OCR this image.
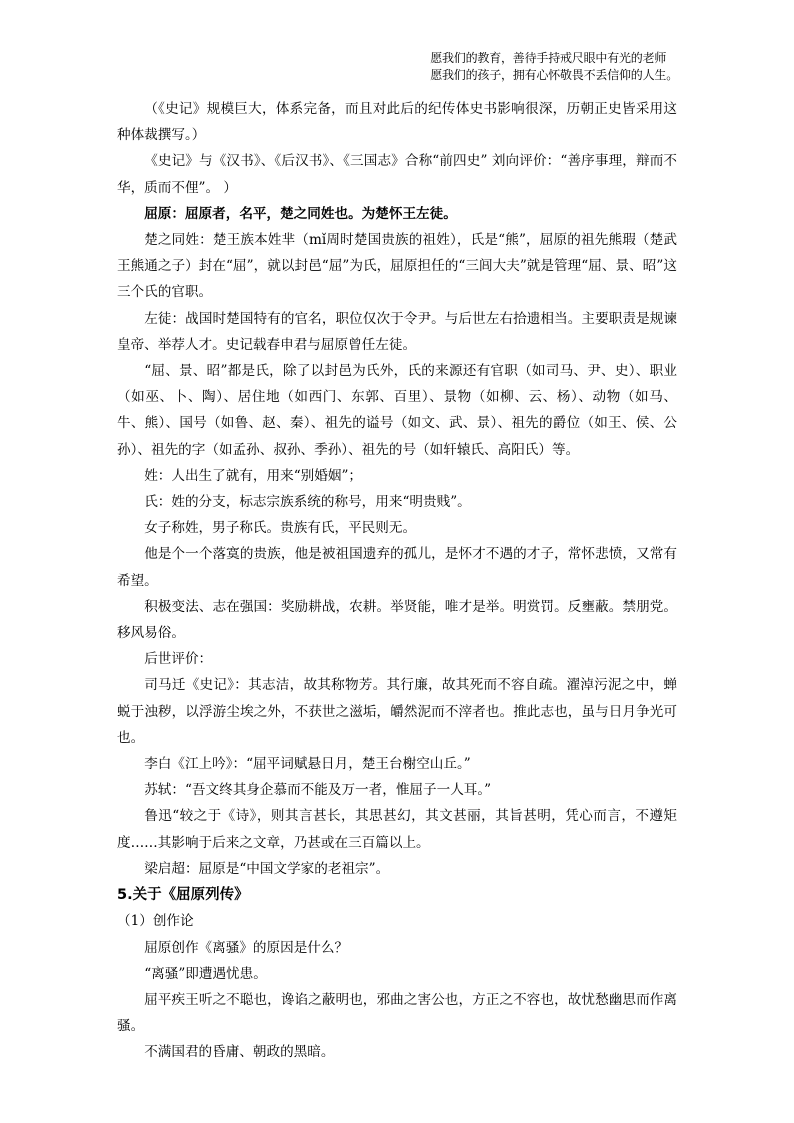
愿我们的教育，善待手持戒尺眼中有光的老师
愿我们的孩子，拥有心怀敬畏不丢信仰的人生。

（《史记》规模巨大，体系完备，而且对此后的纪传体史书影响很深，历朝正史皆采用这种体裁撰写。）

《史记》与《汉书》、《后汉书》、《三国志》合称“前四史” 刘向评价：“善序事理，辩而不华，质而不俚”。 ）

屈原：屈原者，名平，楚之同姓也。为楚怀王左徒。

楚之同姓：楚王族本姓芈（mǐ周时楚国贵族的祖姓），氏是“熊”，屈原的祖先熊瑕（楚武王熊通之子）封在“屈”，就以封邑“屈”为氏，屈原担任的“三闾大夫”就是管理“屈、景、昭”这三个氏的官职。

左徒：战国时楚国特有的官名，职位仅次于令尹。与后世左右拾遗相当。主要职责是规谏皇帝、举荐人才。史记载春申君与屈原曾任左徒。

“屈、景、昭”都是氏，除了以封邑为氏外，氏的来源还有官职（如司马、尹、史）、职业（如巫、卜、陶）、居住地（如西门、东郭、百里）、景物（如柳、云、杨）、动物（如马、牛、熊）、国号（如鲁、赵、秦）、祖先的谥号（如文、武、景）、祖先的爵位（如王、侯、公孙）、祖先的字（如孟孙、叔孙、季孙）、祖先的号（如轩辕氏、高阳氏）等。

姓：人出生了就有，用来“别婚姻”；

氏：姓的分支，标志宗族系统的称号，用来“明贵贱”。

女子称姓，男子称氏。贵族有氏，平民则无。

他是个一个落寞的贵族，他是被祖国遗弃的孤儿，是怀才不遇的才子，常怀悲愤，又常有希望。

积极变法、志在强国：奖励耕战，农耕。举贤能，唯才是举。明赏罚。反壅蔽。禁朋党。移风易俗。

后世评价：

司马迁《史记》：其志洁，故其称物芳。其行廉，故其死而不容自疏。濯淖污泥之中，蝉蜕于浊秽，以浮游尘埃之外，不获世之滋垢，皭然泥而不滓者也。推此志也，虽与日月争光可也。

李白《江上吟》：“屈平词赋悬日月，楚王台榭空山丘。”

苏轼：“吾文终其身企慕而不能及万一者，惟屈子一人耳。”

鲁迅“较之于《诗》，则其言甚长，其思甚幻，其文甚丽，其旨甚明，凭心而言，不遵矩度……其影响于后来之文章，乃甚或在三百篇以上。

梁启超：屈原是“中国文学家的老祖宗”。

5.关于《屈原列传》

（1）创作论

屈原创作《离骚》的原因是什么？

“离骚”即遭遇忧患。

屈平疾王听之不聪也，谗谄之蔽明也，邪曲之害公也，方正之不容也，故忧愁幽思而作离骚。

不满国君的昏庸、朝政的黑暗。
